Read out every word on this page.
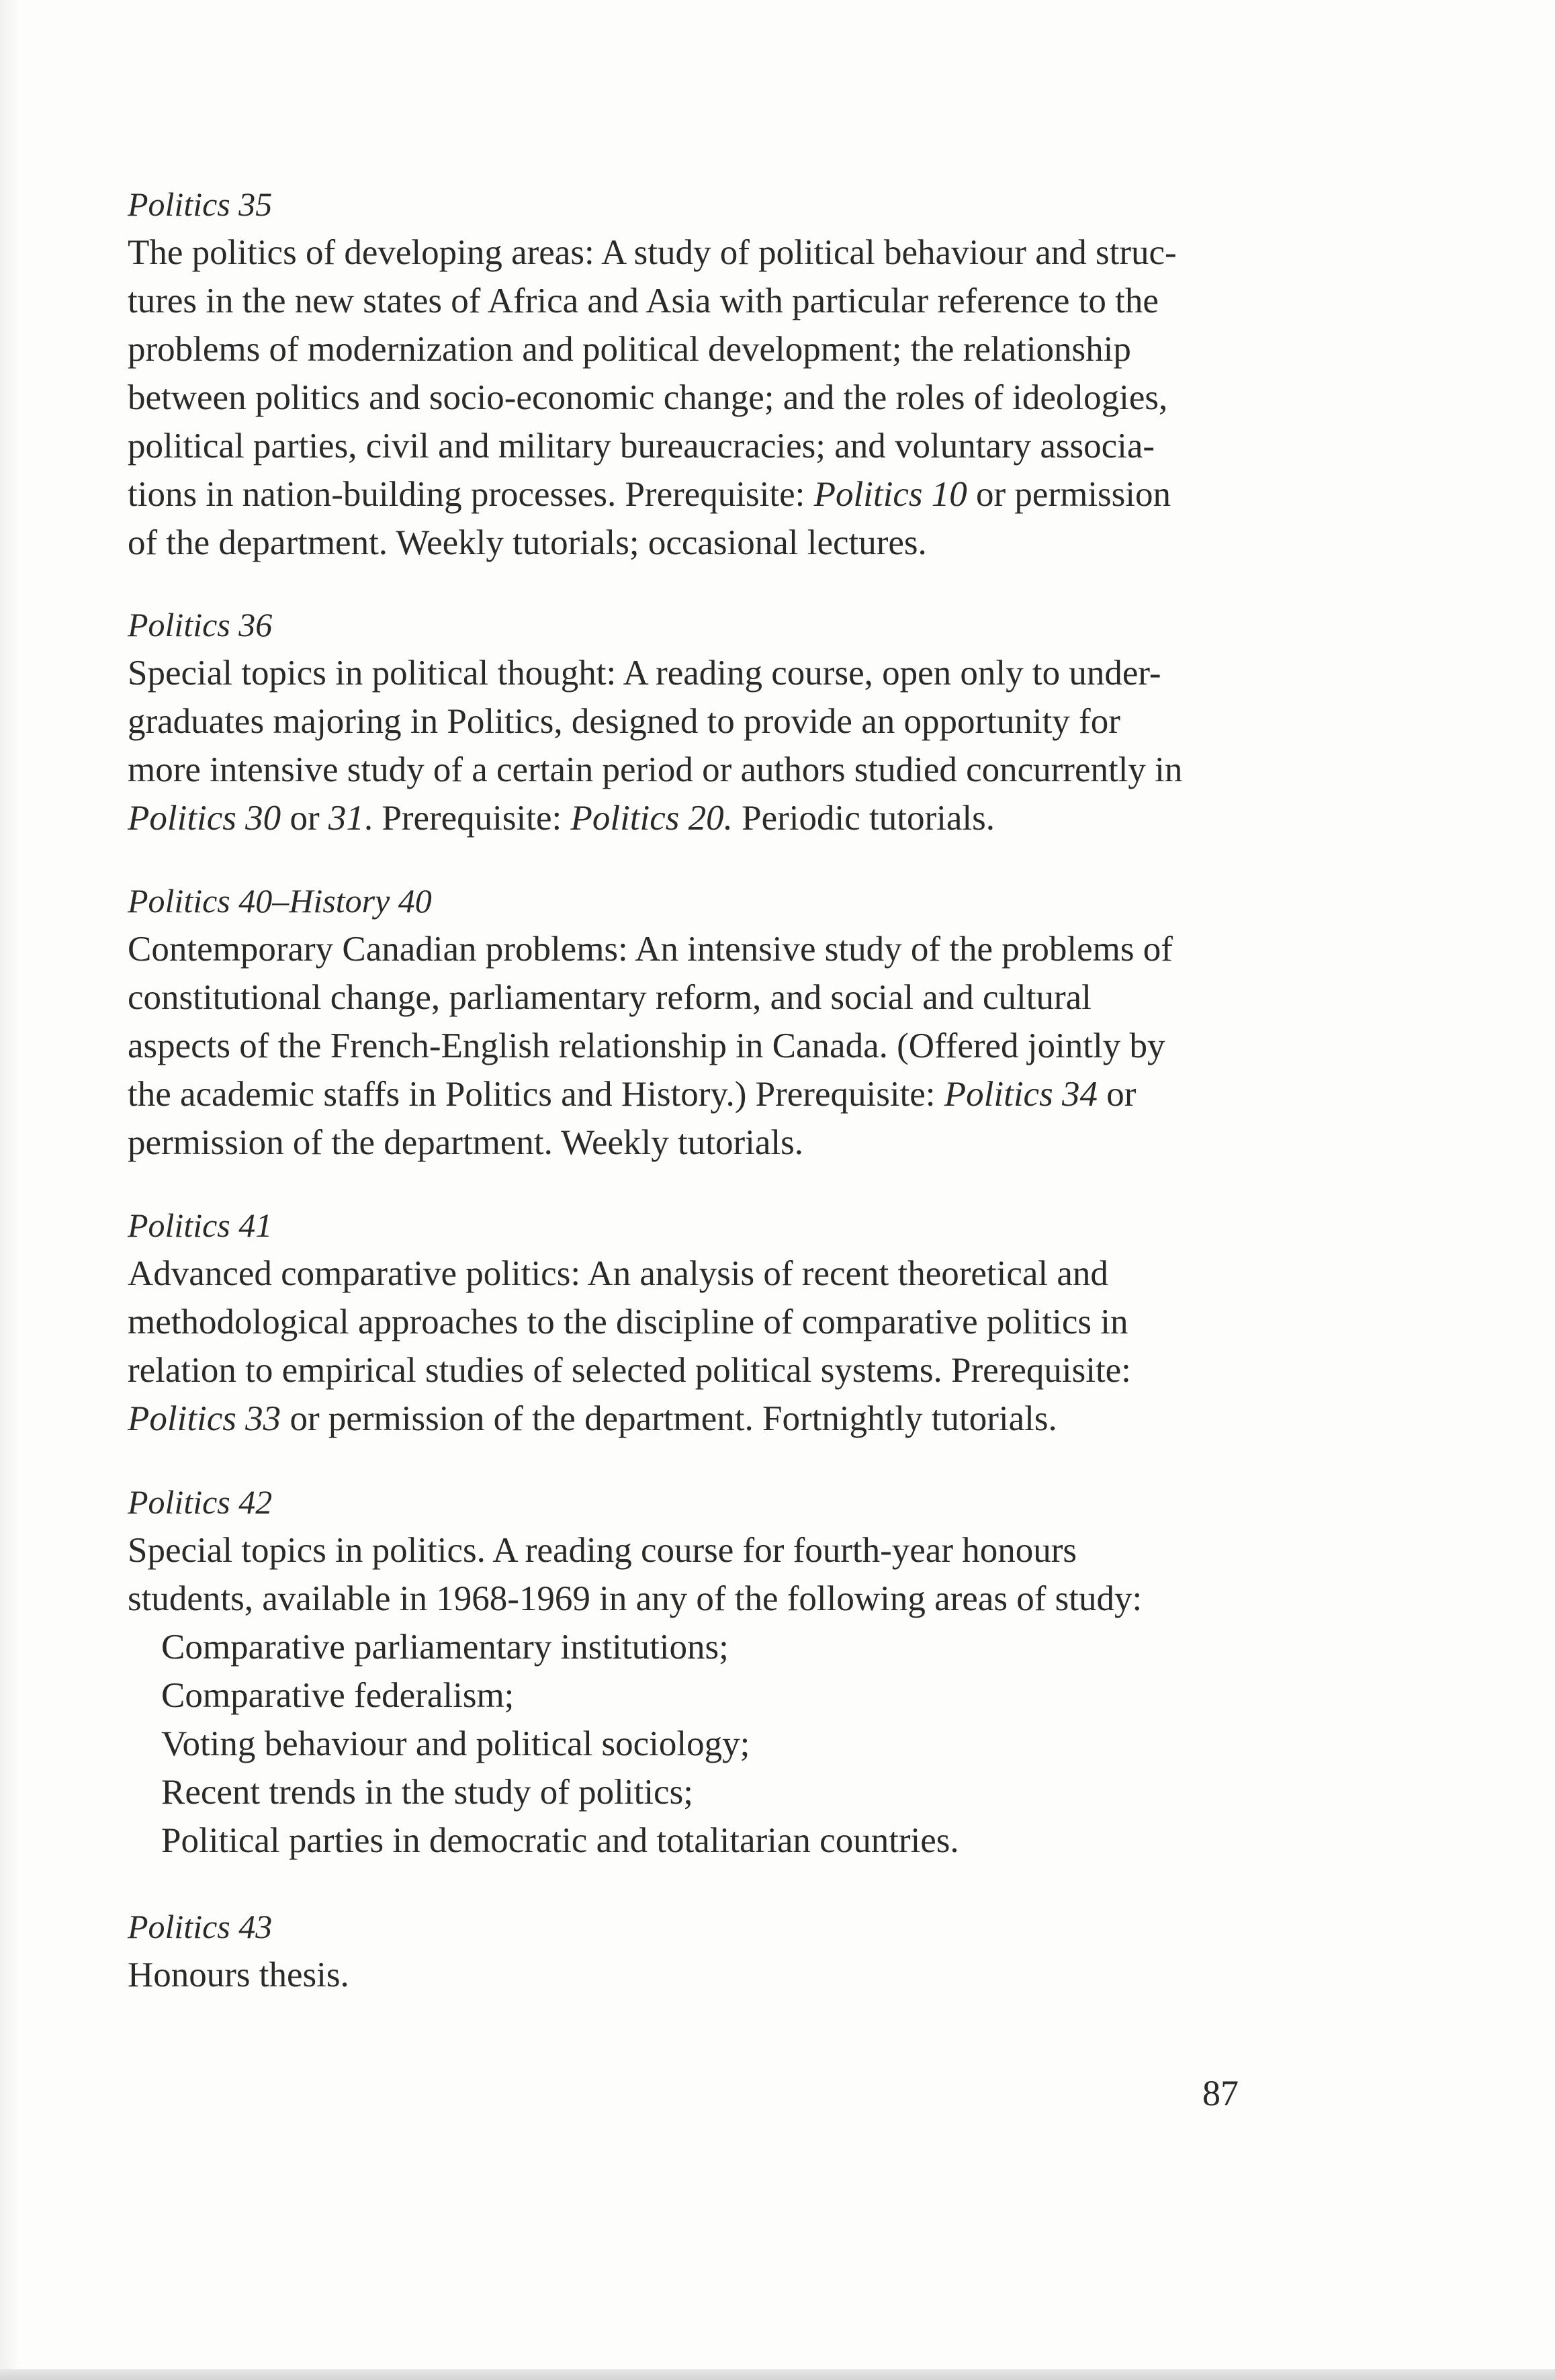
Politics 35

The politics of developing areas: A study of political behaviour and struc-
tures in the new states of Africa and Asia with particular reference to the
problems of modernization and political development; the relationship
between politics and socio-economic change; and the roles of ideologies,
political parties, civil and military bureaucracies; and voluntary associa-
tions in nation-building processes. Prerequisite: Politics 10 or permission
of the department. Weekly tutorials; occasional lectures.

Politics 36

Special topics in political thought: A reading course, open only to under-
graduates majoring in Politics, designed to provide an opportunity for
more intensive study of a certain period or authors studied concurrently in
Politics 30 or 31. Prerequisite: Politics 20. Periodic tutorials.

Politics 40–History 40

Contemporary Canadian problems: An intensive study of the problems of
constitutional change, parliamentary reform, and social and cultural
aspects of the French-English relationship in Canada. (Offered jointly by
the academic staffs in Politics and History.) Prerequisite: Politics 34 or
permission of the department. Weekly tutorials.

Politics 41

Advanced comparative politics: An analysis of recent theoretical and
methodological approaches to the discipline of comparative politics in
relation to empirical studies of selected political systems. Prerequisite:
Politics 33 or permission of the department. Fortnightly tutorials.

Politics 42

Special topics in politics. A reading course for fourth-year honours
students, available in 1968-1969 in any of the following areas of study:

Comparative parliamentary institutions;
Comparative federalism;
Voting behaviour and political sociology;
Recent trends in the study of politics;
Political parties in democratic and totalitarian countries.

Politics 43

Honours thesis.

87
